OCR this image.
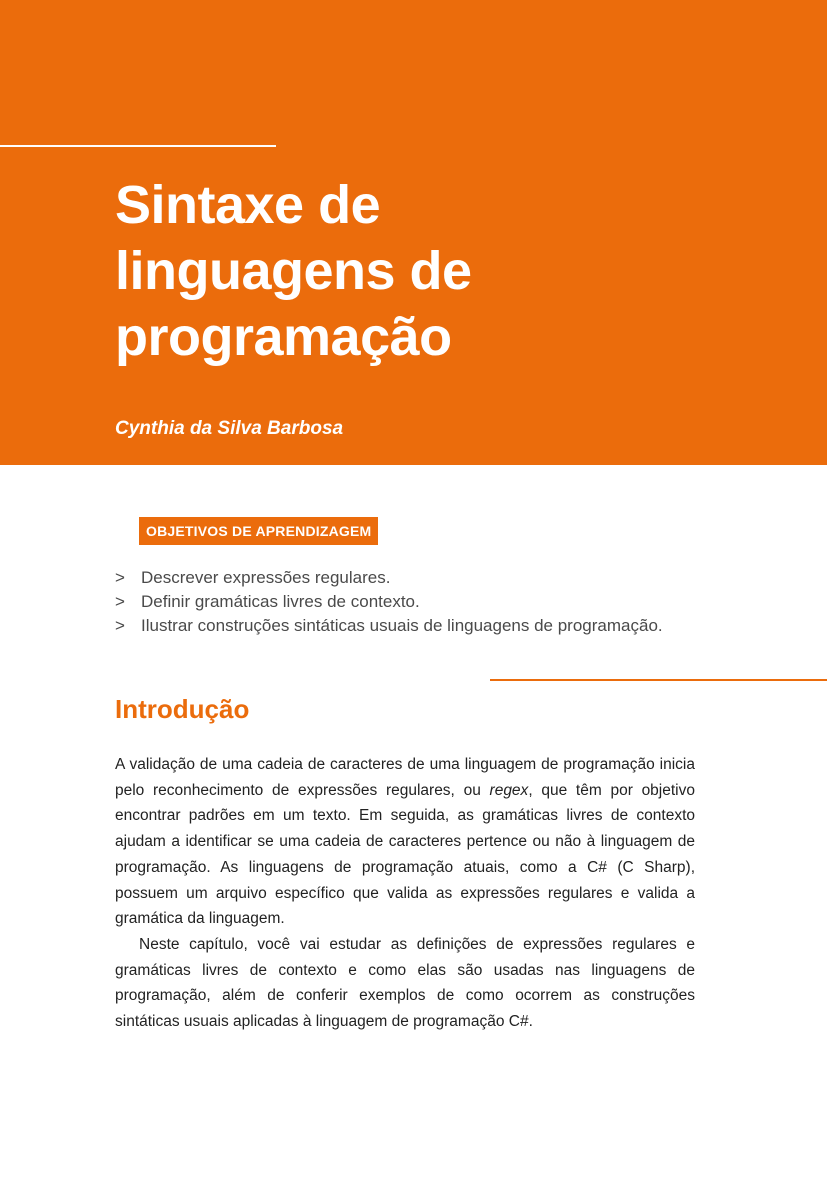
Sintaxe de
linguagens de
programação
Cynthia da Silva Barbosa
OBJETIVOS DE APRENDIZAGEM
> Descrever expressões regulares.
> Definir gramáticas livres de contexto.
> Ilustrar construções sintáticas usuais de linguagens de programação.
Introdução

A validação de uma cadeia de caracteres de uma linguagem de programação inicia pelo reconhecimento de expressões regulares, ou regex, que têm por objetivo encontrar padrões em um texto. Em seguida, as gramáticas livres de contexto ajudam a identificar se uma cadeia de caracteres pertence ou não à linguagem de programação. As linguagens de programação atuais, como a C# (C Sharp), possuem um arquivo específico que valida as expressões regulares e valida a gramática da linguagem.

Neste capítulo, você vai estudar as definições de expressões regulares e gramáticas livres de contexto e como elas são usadas nas linguagens de programação, além de conferir exemplos de como ocorrem as construções sintáticas usuais aplicadas à linguagem de programação C#.
